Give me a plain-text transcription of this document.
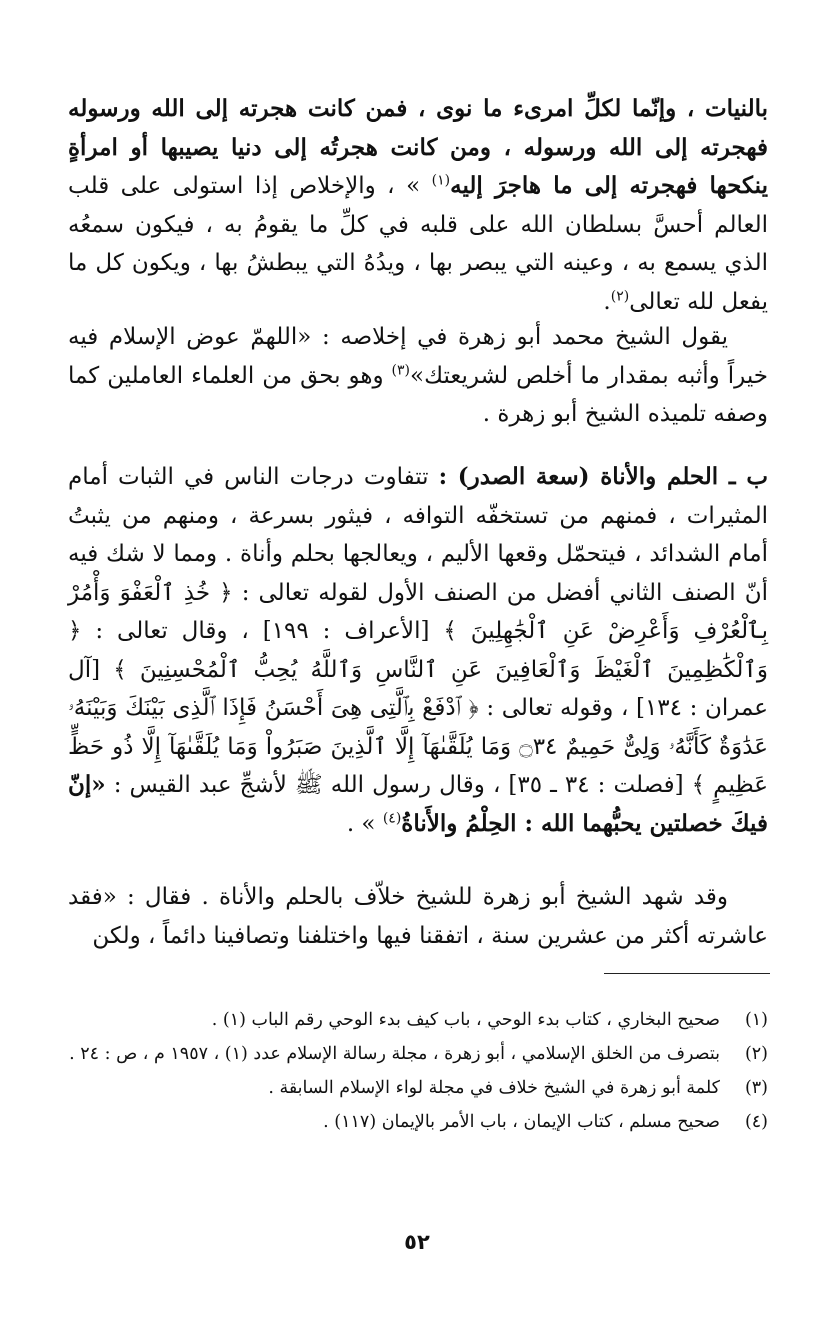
بالنيات ، وإنّما لكلِّ امرىء ما نوى ، فمن كانت هجرته إلى الله ورسوله فهجرته إلى الله ورسوله ، ومن كانت هجرتُه إلى دنيا يصيبها أو امرأةٍ ينكحها فهجرته إلى ما هاجرَ إليه$^{(١)}$ » ، والإخلاص إذا استولى على قلب العالم أحسَّ بسلطان الله على قلبه في كلِّ ما يقومُ به ، فيكون سمعُه الذي يسمع به ، وعينه التي يبصر بها ، ويدُهُ التي يبطشُ بها ، ويكون كل ما يفعل لله تعالى$^{(٢)}$.

يقول الشيخ محمد أبو زهرة في إخلاصه : «اللهمّ عوض الإسلام فيه خيراً وأثبه بمقدار ما أخلص لشريعتك»$^{(٣)}$ وهو بحق من العلماء العاملين كما وصفه تلميذه الشيخ أبو زهرة .

ب ـ الحلم والأناة (سعة الصدر) : تتفاوت درجات الناس في الثبات أمام المثيرات ، فمنهم من تستخفّه التوافه ، فيثور بسرعة ، ومنهم من يثبتُ أمام الشدائد ، فيتحمّل وقعها الأليم ، ويعالجها بحلم وأناة . ومما لا شك فيه أنّ الصنف الثاني أفضل من الصنف الأول لقوله تعالى : ﴿ خُذِ ٱلْعَفْوَ وَأْمُرْ بِٱلْعُرْفِ وَأَعْرِضْ عَنِ ٱلْجَٰهِلِينَ ﴾ [الأعراف : ١٩٩] ، وقال تعالى : ﴿ وَٱلْكَٰظِمِينَ ٱلْغَيْظَ وَٱلْعَافِينَ عَنِ ٱلنَّاسِ وَٱللَّهُ يُحِبُّ ٱلْمُحْسِنِينَ ﴾ [آل عمران : ١٣٤] ، وقوله تعالى : ﴿ ٱدْفَعْ بِٱلَّتِى هِىَ أَحْسَنُ فَإِذَا ٱلَّذِى بَيْنَكَ وَبَيْنَهُۥ عَدَٰوَةٌ كَأَنَّهُۥ وَلِىٌّ حَمِيمٌ ۝٣٤ وَمَا يُلَقَّىٰهَآ إِلَّا ٱلَّذِينَ صَبَرُواْ وَمَا يُلَقَّىٰهَآ إِلَّا ذُو حَظٍّ عَظِيمٍ ﴾ [فصلت : ٣٤ ـ ٣٥] ، وقال رسول الله ﷺ لأشجِّ عبد القيس : «إنّ فيكَ خصلتين يحبُّهما الله : الحِلْمُ والأَناةُ$^{(٤)}$ » .

وقد شهد الشيخ أبو زهرة للشيخ خلاّف بالحلم والأناة . فقال : «فقد عاشرته أكثر من عشرين سنة ، اتفقنا فيها واختلفنا وتصافينا دائماً ، ولكن

(١)
صحيح البخاري ، كتاب بدء الوحي ، باب كيف بدء الوحي رقم الباب (١) .
(٢)
بتصرف من الخلق الإسلامي ، أبو زهرة ، مجلة رسالة الإسلام عدد (١) ، ١٩٥٧ م ، ص : ٢٤ .
(٣)
كلمة أبو زهرة في الشيخ خلاف في مجلة لواء الإسلام السابقة .
(٤)
صحيح مسلم ، كتاب الإيمان ، باب الأمر بالإيمان (١١٧) .
٥٢
